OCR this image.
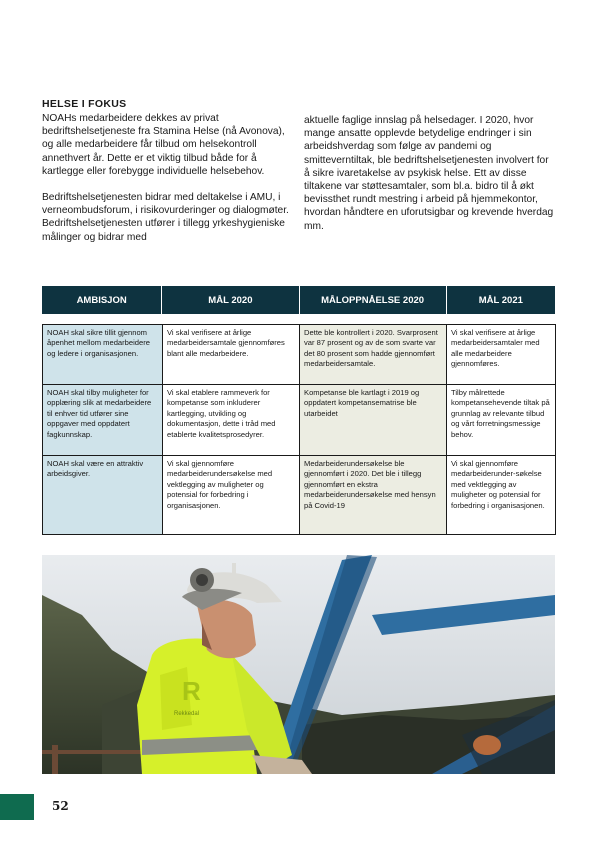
HELSE I FOKUS

NOAHs medarbeidere dekkes av privat bedriftshelsetjeneste fra Stamina Helse (nå Avonova), og alle medarbeidere får tilbud om helsekontroll annethvert år. Dette er et viktig tilbud både for å kartlegge eller forebygge individuelle helsebehov.

Bedriftshelsetjenesten bidrar med deltakelse i AMU, i verneombudsforum, i risikovurderinger og dialogmøter. Bedriftshelsetjenesten utfører i tillegg yrkeshygieniske målinger og bidrar med

aktuelle faglige innslag på helsedager. I 2020, hvor mange ansatte opplevde betydelige endringer i sin arbeidshverdag som følge av pandemi og smitteverntiltak, ble bedriftshelsetjenesten involvert for å sikre ivaretakelse av psykisk helse. Ett av disse tiltakene var støttesamtaler, som bl.a. bidro til å økt bevissthet rundt mestring i arbeid på hjemmekontor, hvordan håndtere en uforutsigbar og krevende hverdag mm.

AMBISJON	MÅL 2020	MÅLOPPNÅELSE 2020	MÅL 2021
NOAH skal sikre tillit gjennom åpenhet mellom medarbeidere og ledere i organisasjonen.	Vi skal verifisere at årlige medarbeidersamtale gjennomføres blant alle medarbeidere.	Dette ble kontrollert i 2020. Svarprosent var 87 prosent og av de som svarte var det 80 prosent som hadde gjennomført medarbeidersamtale.	Vi skal verifisere at årlige medarbeidersamtaler med alle medarbeidere gjennomføres.
NOAH skal tilby muligheter for opplæring slik at medarbeidere til enhver tid utfører sine oppgaver med oppdatert fagkunnskap.	Vi skal etablere rammeverk for kompetanse som inkluderer kartlegging, utvikling og dokumentasjon, dette i tråd med etablerte kvalitetsprosedyrer.	Kompetanse ble kartlagt i 2019 og oppdatert kompetansematrise ble utarbeidet	Tilby målrettede kompetansehevende tiltak på grunnlag av relevante tilbud og vårt forretningsmessige behov.
NOAH skal være en attraktiv arbeidsgiver.	Vi skal gjennomføre medarbeiderundersøkelse med vektlegging av muligheter og potensial for forbedring i organisasjonen.	Medarbeiderundersøkelse ble gjennomført i 2020. Det ble i tillegg gjennomført en ekstra medarbeiderundersøkelse med hensyn på Covid-19	Vi skal gjennomføre medarbeiderunder-søkelse med vektlegging av muligheter og potensial for forbedring i organisasjonen.
R
Rekkedal
52
